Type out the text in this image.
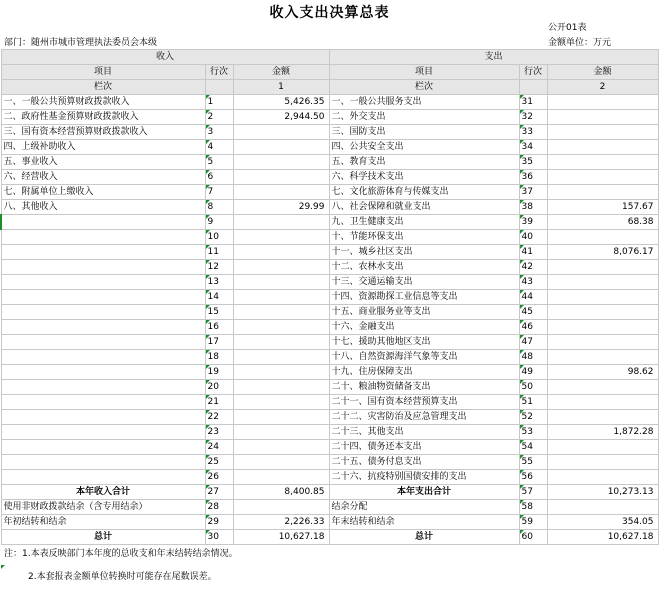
收入支出决算总表
公开01表
部门：随州市城市管理执法委员会本级	金额单位：万元
收入			支出		
项目	行次	金额	项目	行次	金额
栏次		1	栏次		2
一、一般公共预算财政拨款收入	1	5,426.35	一、一般公共服务支出	31	
二、政府性基金预算财政拨款收入	2	2,944.50	二、外交支出	32	
三、国有资本经营预算财政拨款收入	3		三、国防支出	33	
四、上级补助收入	4		四、公共安全支出	34	
五、事业收入	5		五、教育支出	35	
六、经营收入	6		六、科学技术支出	36	
七、附属单位上缴收入	7		七、文化旅游体育与传媒支出	37	
八、其他收入	8	29.99	八、社会保障和就业支出	38	157.67
	9		九、卫生健康支出	39	68.38
	10		十、节能环保支出	40	
	11		十一、城乡社区支出	41	8,076.17
	12		十二、农林水支出	42	
	13		十三、交通运输支出	43	
	14		十四、资源勘探工业信息等支出	44	
	15		十五、商业服务业等支出	45	
	16		十六、金融支出	46	
	17		十七、援助其他地区支出	47	
	18		十八、自然资源海洋气象等支出	48	
	19		十九、住房保障支出	49	98.62
	20		二十、粮油物资储备支出	50	
	21		二十一、国有资本经营预算支出	51	
	22		二十二、灾害防治及应急管理支出	52	
	23		二十三、其他支出	53	1,872.28
	24		二十四、债务还本支出	54	
	25		二十五、债务付息支出	55	
	26		二十六、抗疫特别国债安排的支出	56	
本年收入合计	27	8,400.85	本年支出合计	57	10,273.13
使用非财政拨款结余（含专用结余）	28		结余分配	58	
年初结转和结余	29	2,226.33	年末结转和结余	59	354.05
总计	30	10,627.18	总计	60	10,627.18
注：1.本表反映部门本年度的总收支和年末结转结余情况。
2.本套报表金额单位转换时可能存在尾数误差。
